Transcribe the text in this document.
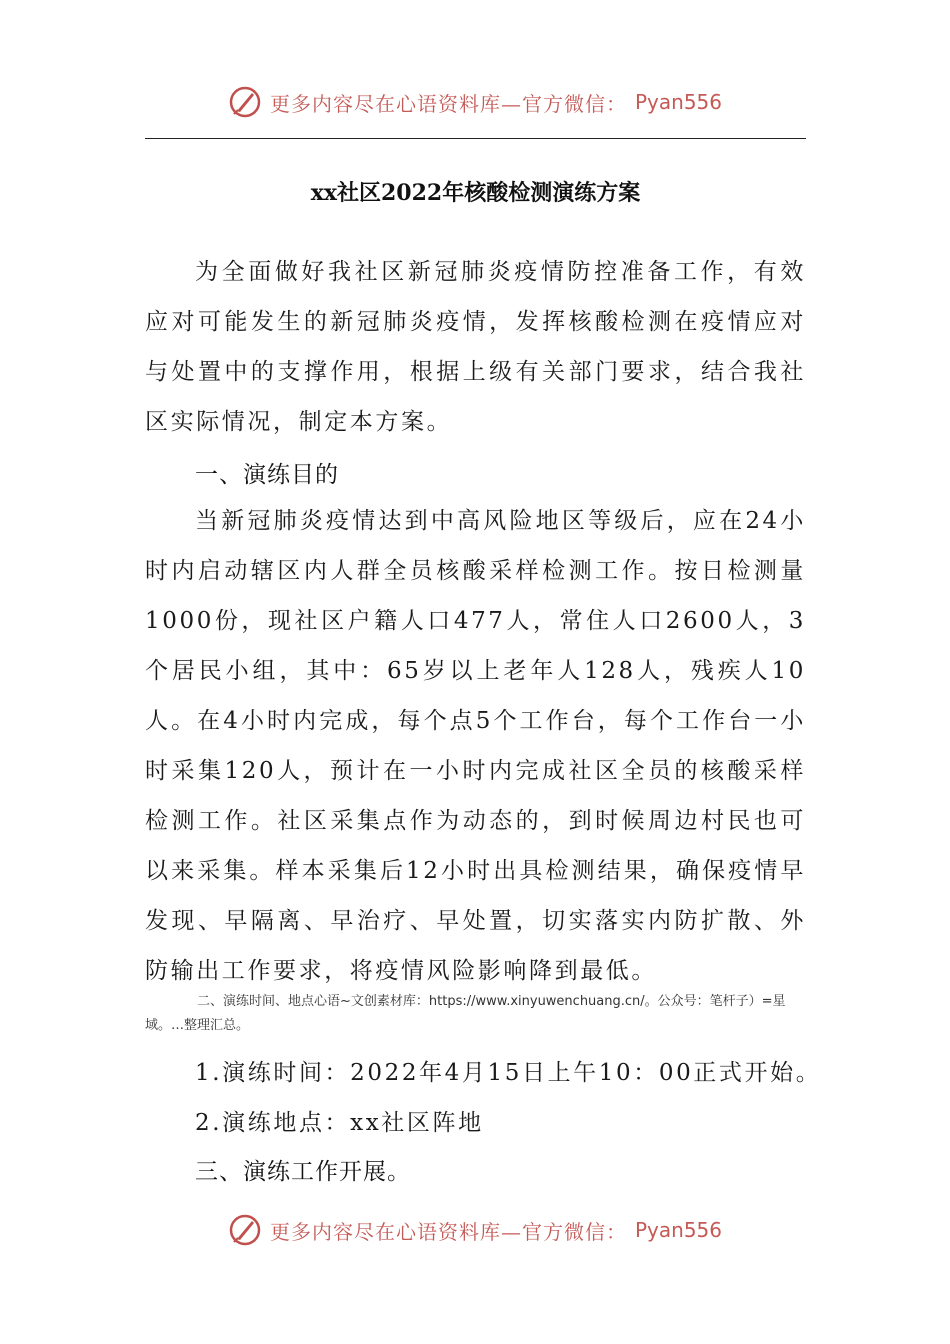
更多内容尽在心语资料库—官方微信： Pyan556
xx社区2022年核酸检测演练方案

为全面做好我社区新冠肺炎疫情防控准备工作，有效应对可能发生的新冠肺炎疫情，发挥核酸检测在疫情应对与处置中的支撑作用，根据上级有关部门要求，结合我社区实际情况，制定本方案。

一、演练目的

当新冠肺炎疫情达到中高风险地区等级后，应在24小时内启动辖区内人群全员核酸采样检测工作。按日检测量1000份，现社区户籍人口477人，常住人口2600人，3个居民小组，其中：65岁以上老年人128人，残疾人10人。在4小时内完成，每个点5个工作台，每个工作台一小时采集120人，预计在一小时内完成社区全员的核酸采样检测工作。社区采集点作为动态的，到时候周边村民也可以来采集。样本采集后12小时出具检测结果，确保疫情早发现、早隔离、早治疗、早处置，切实落实内防扩散、外防输出工作要求，将疫情风险影响降到最低。

二、演练时间、地点心语~文创素材库：https://www.xinyuwenchuang.cn/。公众号：笔杆子）=星域。…整理汇总。
1.演练时间：2022年4月15日上午10：00正式开始。
2.演练地点：xx社区阵地
三、演练工作开展。
更多内容尽在心语资料库—官方微信： Pyan556
